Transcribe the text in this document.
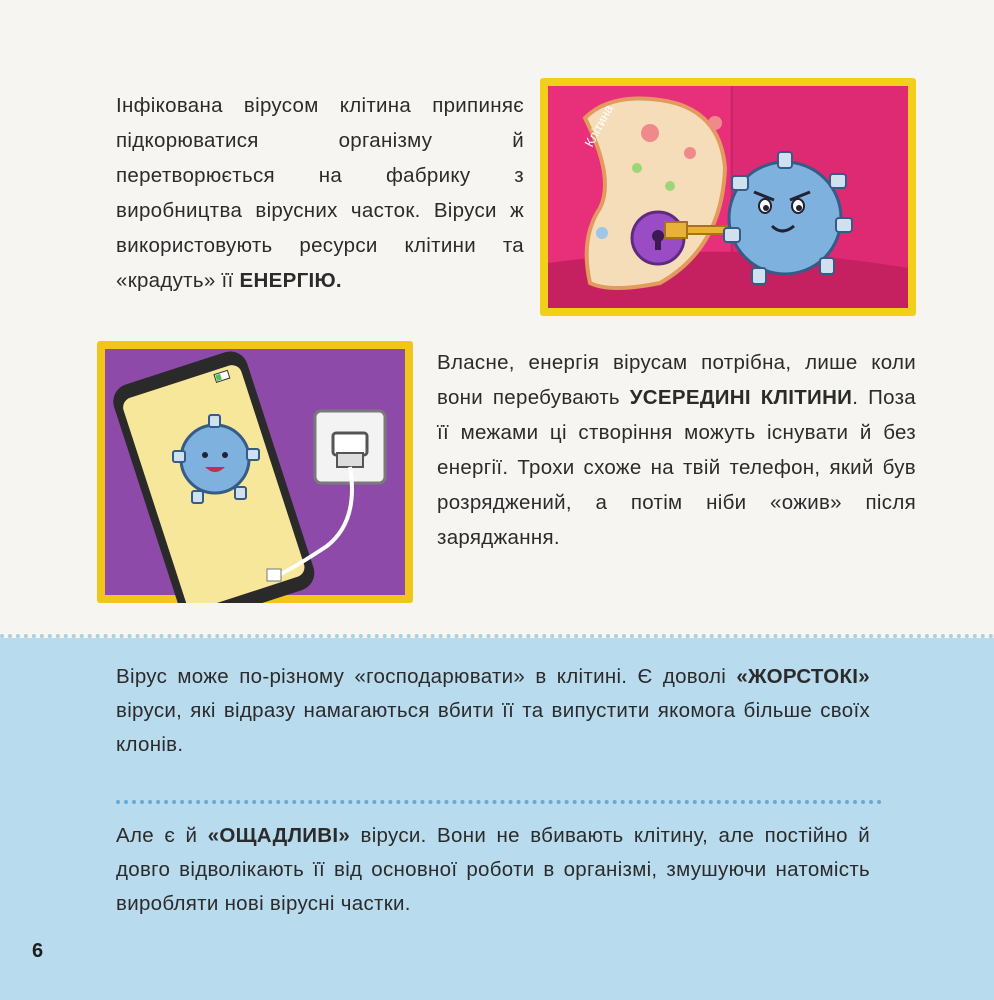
Інфікована вірусом клітина припиняє підкорюватися організму й перетворюється на фабрику з виробництва вірусних часток. Віруси ж використовують ресурси клітини та «крадуть» її ЕНЕРГІЮ.

Клітина

Власне, енергія вірусам потрібна, лише коли вони перебувають УСЕРЕДИНІ КЛІТИНИ. Поза її межами ці створіння можуть існувати й без енергії. Трохи схоже на твій телефон, який був розряджений, а потім ніби «ожив» після заряджання.

Вірус може по-різному «господарювати» в клітині. Є доволі «ЖОРСТОКІ» віруси, які відразу намагаються вбити її та випустити якомога більше своїх клонів.

Але є й «ОЩАДЛИВІ» віруси. Вони не вбивають клітину, але постійно й довго відволікають її від основної роботи в організмі, змушуючи натомість виробляти нові вірусні частки.

6
